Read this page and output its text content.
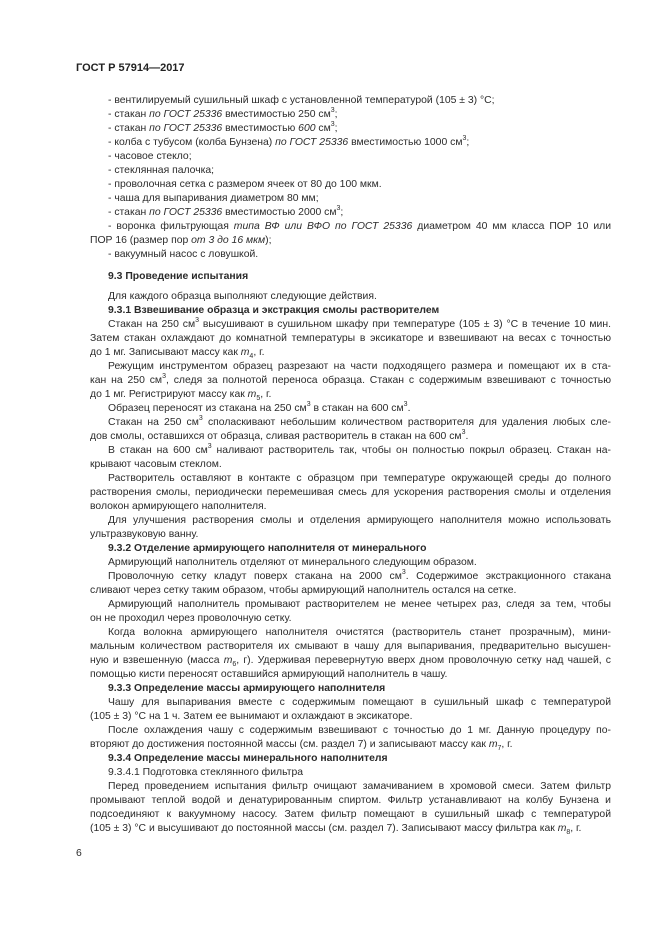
ГОСТ Р 57914—2017
- вентилируемый сушильный шкаф с установленной температурой (105 ± 3) °С;
- стакан по ГОСТ 25336 вместимостью 250 $см^3$;
- стакан по ГОСТ 25336 вместимостью 600 $см^3$;
- колба с тубусом (колба Бунзена) по ГОСТ 25336 вместимостью 1000 $см^3$;
- часовое стекло;
- стеклянная палочка;
- проволочная сетка с размером ячеек от 80 до 100 мкм.
- чаша для выпаривания диаметром 80 мм;
- стакан по ГОСТ 25336 вместимостью 2000 $см^3$;
- воронка фильтрующая типа ВФ или ВФО по ГОСТ 25336 диаметром 40 мм класса ПОР 10 или
ПОР 16 (размер пор от 3 до 16 мкм);
- вакуумный насос с ловушкой.
9.3 Проведение испытания
Для каждого образца выполняют следующие действия.
9.3.1 Взвешивание образца и экстракция смолы растворителем
Стакан на 250 $см^3$ высушивают в сушильном шкафу при температуре (105 ± 3) °С в течение 10 мин.
Затем стакан охлаждают до комнатной температуры в эксикаторе и взвешивают на весах с точностью
до 1 мг. Записывают массу как $m_4$, г.
Режущим инструментом образец разрезают на части подходящего размера и помещают их в ста-
кан на 250 $см^3$, следя за полнотой переноса образца. Стакан с содержимым взвешивают с точностью
до 1 мг. Регистрируют массу как $m_5$, г.
Образец переносят из стакана на 250 $см^3$ в стакан на 600 $см^3$.
Стакан на 250 $см^3$ споласкивают небольшим количеством растворителя для удаления любых сле-
дов смолы, оставшихся от образца, сливая растворитель в стакан на 600 $см^3$.
В стакан на 600 $см^3$ наливают растворитель так, чтобы он полностью покрыл образец. Стакан на-
крывают часовым стеклом.
Растворитель оставляют в контакте с образцом при температуре окружающей среды до полного
растворения смолы, периодически перемешивая смесь для ускорения растворения смолы и отделения
волокон армирующего наполнителя.
Для улучшения растворения смолы и отделения армирующего наполнителя можно использовать
ультразвуковую ванну.
9.3.2 Отделение армирующего наполнителя от минерального
Армирующий наполнитель отделяют от минерального следующим образом.
Проволочную сетку кладут поверх стакана на 2000 $см^3$. Содержимое экстракционного стакана
сливают через сетку таким образом, чтобы армирующий наполнитель остался на сетке.
Армирующий наполнитель промывают растворителем не менее четырех раз, следя за тем, чтобы
он не проходил через проволочную сетку.
Когда волокна армирующего наполнителя очистятся (растворитель станет прозрачным), мини-
мальным количеством растворителя их смывают в чашу для выпаривания, предварительно высушен-
ную и взвешенную (масса $m_6$, г). Удерживая перевернутую вверх дном проволочную сетку над чашей, с
помощью кисти переносят оставшийся армирующий наполнитель в чашу.
9.3.3 Определение массы армирующего наполнителя
Чашу для выпаривания вместе с содержимым помещают в сушильный шкаф с температурой
(105 ± 3) °С на 1 ч. Затем ее вынимают и охлаждают в эксикаторе.
После охлаждения чашу с содержимым взвешивают с точностью до 1 мг. Данную процедуру по-
вторяют до достижения постоянной массы (см. раздел 7) и записывают массу как $m_7$, г.
9.3.4 Определение массы минерального наполнителя
9.3.4.1 Подготовка стеклянного фильтра
Перед проведением испытания фильтр очищают замачиванием в хромовой смеси. Затем фильтр
промывают теплой водой и денатурированным спиртом. Фильтр устанавливают на колбу Бунзена и
подсоединяют к вакуумному насосу. Затем фильтр помещают в сушильный шкаф с температурой
(105 ± 3) °С и высушивают до постоянной массы (см. раздел 7). Записывают массу фильтра как $m_8$, г.
6
